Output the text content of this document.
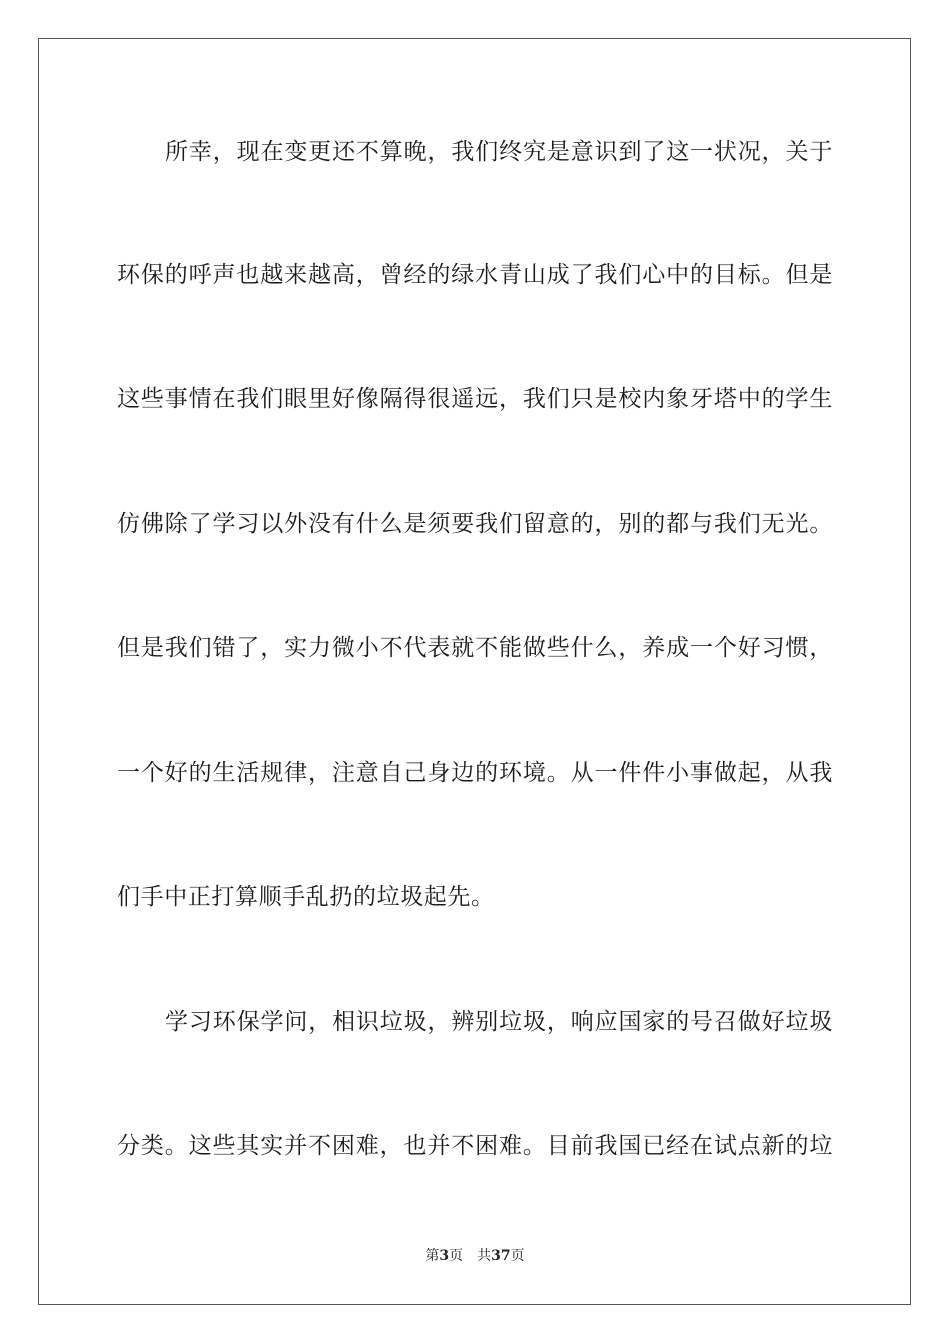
所幸，现在变更还不算晚，我们终究是意识到了这一状况，关于
环保的呼声也越来越高，曾经的绿水青山成了我们心中的目标。但是
这些事情在我们眼里好像隔得很遥远，我们只是校内象牙塔中的学生
仿佛除了学习以外没有什么是须要我们留意的，别的都与我们无光。
但是我们错了，实力微小不代表就不能做些什么，养成一个好习惯，
一个好的生活规律，注意自己身边的环境。从一件件小事做起，从我
们手中正打算顺手乱扔的垃圾起先。
学习环保学问，相识垃圾，辨别垃圾，响应国家的号召做好垃圾
分类。这些其实并不困难，也并不困难。目前我国已经在试点新的垃
第3页 共37页
